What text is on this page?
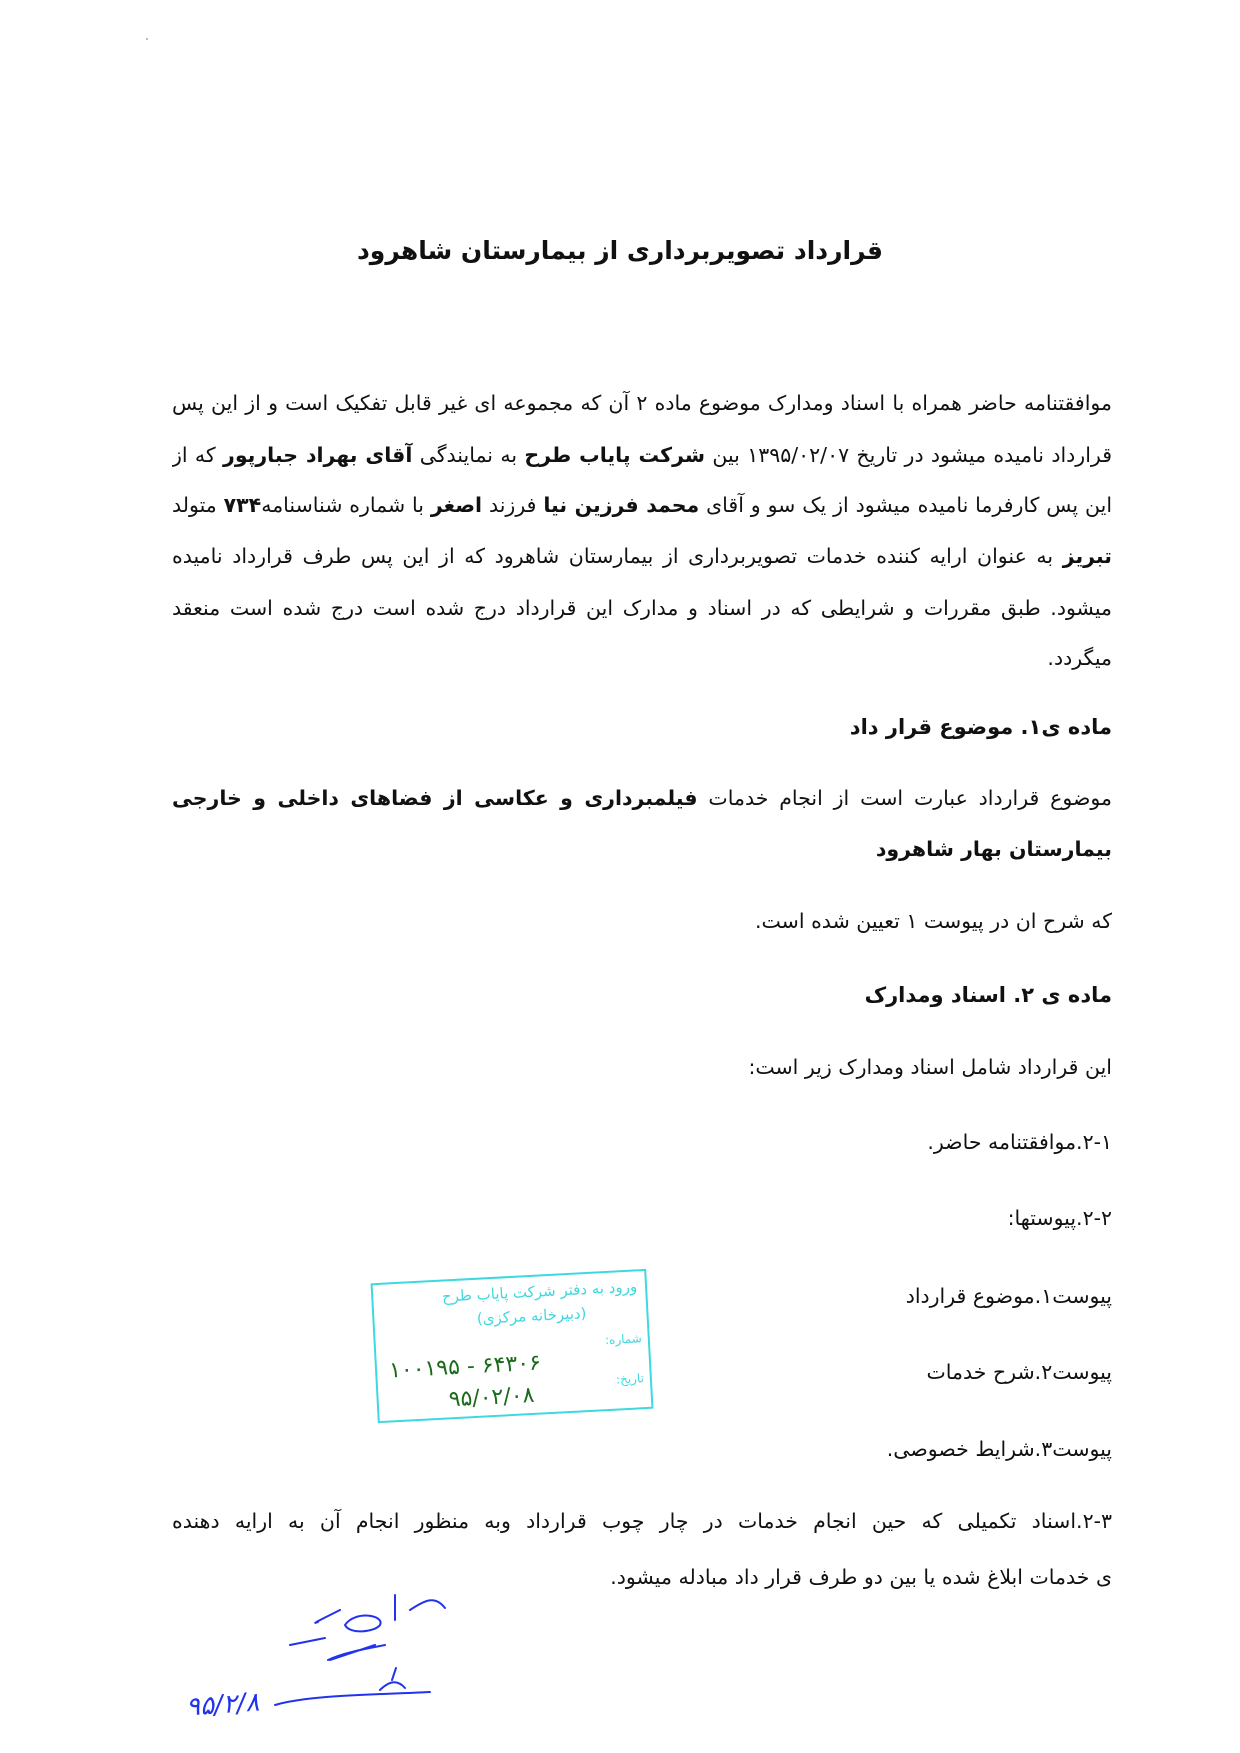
قرارداد تصویربرداری از بیمارستان شاهرود
موافقتنامه حاضر همراه با اسناد ومدارک موضوع ماده ۲ آن که مجموعه ای غیر قابل تفکیک است و از این پس
قرارداد نامیده میشود در تاریخ ۱۳۹۵/۰۲/۰۷ بین شرکت پایاب طرح به نمایندگی آقای بهراد جبارپور که از
این پس کارفرما نامیده میشود از یک سو و آقای محمد فرزین نیا فرزند اصغر با شماره شناسنامه۷۳۴ متولد
تبریز به عنوان ارایه کننده خدمات تصویربرداری از بیمارستان شاهرود که از این پس طرف قرارداد نامیده
میشود. طبق مقررات و شرایطی که در اسناد و مدارک این قرارداد درج شده است درج شده است منعقد
میگردد.
ماده ی۱. موضوع قرار داد
موضوع قرارداد عبارت است از انجام خدمات فیلمبرداری و عکاسی از فضاهای داخلی و خارجی
بیمارستان بهار شاهرود
که شرح ان در پیوست ۱ تعیین شده است.
ماده ی ۲. اسناد ومدارک
این قرارداد شامل اسناد ومدارک زیر است:
۲-۱.موافقتنامه حاضر.
۲-۲.پیوستها:
پیوست۱.موضوع قرارداد
پیوست۲.شرح خدمات
پیوست۳.شرایط خصوصی.
۲-۳.اسناد تکمیلی که حین انجام خدمات در چار چوب قرارداد وبه منظور انجام آن به ارایه دهنده
ی خدمات ابلاغ شده یا بین دو طرف قرار داد مبادله میشود.
ورود به دفتر شرکت پایاب طرح
(دبیرخانه مرکزی)
شماره:
۱۰۰۱۹۵ - ۶۴۳۰۶	تاریخ:
۹۵/۰۲/۰۸
۹۵/۲/۸
